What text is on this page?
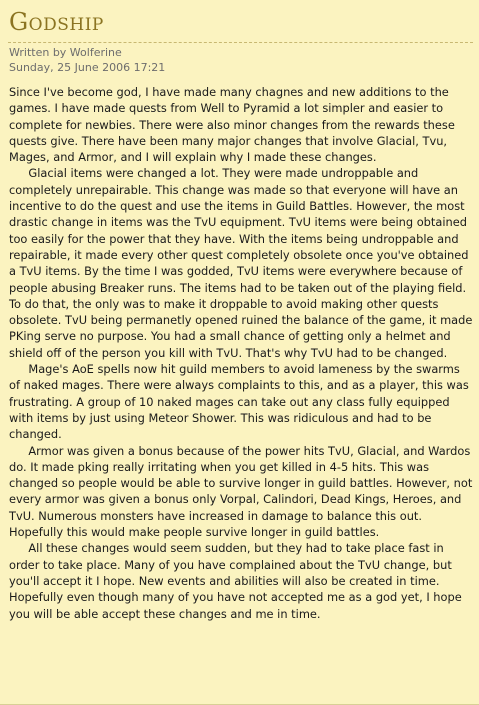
Godship
Written by Wolferine
Sunday, 25 June 2006 17:21

Since I've become god, I have made many chagnes and new additions to the games. I have made quests from Well to Pyramid a lot simpler and easier to complete for newbies. There were also minor changes from the rewards these quests give. There have been many major changes that involve Glacial, Tvu, Mages, and Armor, and I will explain why I made these changes.

Glacial items were changed a lot. They were made undroppable and completely unrepairable. This change was made so that everyone will have an incentive to do the quest and use the items in Guild Battles. However, the most drastic change in items was the TvU equipment. TvU items were being obtained too easily for the power that they have. With the items being undroppable and repairable, it made every other quest completely obsolete once you've obtained a TvU items. By the time I was godded, TvU items were everywhere because of people abusing Breaker runs. The items had to be taken out of the playing field. To do that, the only was to make it droppable to avoid making other quests obsolete. TvU being permanetly opened ruined the balance of the game, it made PKing serve no purpose. You had a small chance of getting only a helmet and shield off of the person you kill with TvU. That's why TvU had to be changed.

Mage's AoE spells now hit guild members to avoid lameness by the swarms of naked mages. There were always complaints to this, and as a player, this was frustrating. A group of 10 naked mages can take out any class fully equipped with items by just using Meteor Shower. This was ridiculous and had to be changed.

Armor was given a bonus because of the power hits TvU, Glacial, and Wardos do. It made pking really irritating when you get killed in 4-5 hits. This was changed so people would be able to survive longer in guild battles. However, not every armor was given a bonus only Vorpal, Calindori, Dead Kings, Heroes, and TvU. Numerous monsters have increased in damage to balance this out. Hopefully this would make people survive longer in guild battles.

All these changes would seem sudden, but they had to take place fast in order to take place. Many of you have complained about the TvU change, but you'll accept it I hope. New events and abilities will also be created in time. Hopefully even though many of you have not accepted me as a god yet, I hope you will be able accept these changes and me in time.
